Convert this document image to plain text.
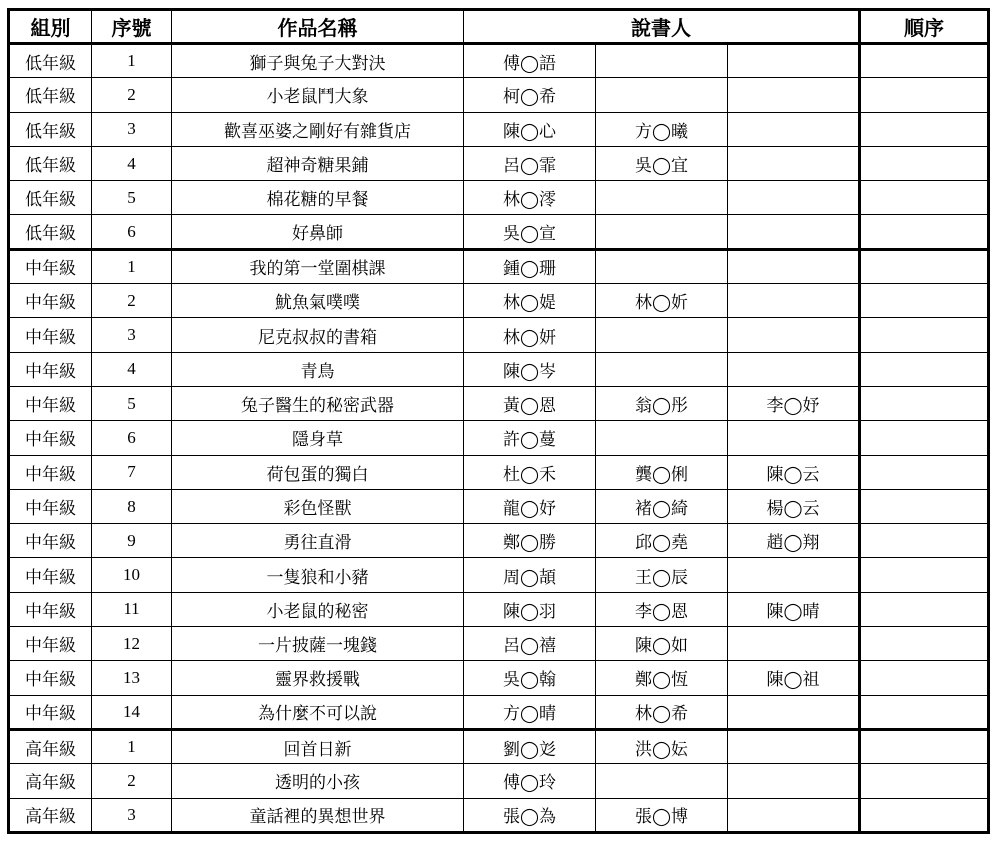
組別	序號	作品名稱	說書人			順序
低年級	1	獅子與兔子大對決	傅◯語			
低年級	2	小老鼠鬥大象	柯◯希			
低年級	3	歡喜巫婆之剛好有雜貨店	陳◯心	方◯曦		
低年級	4	超神奇糖果鋪	呂◯霏	吳◯宜		
低年級	5	棉花糖的早餐	林◯澪			
低年級	6	好鼻師	吳◯宣			
中年級	1	我的第一堂圍棋課	鍾◯珊			
中年級	2	魷魚氣噗噗	林◯媞	林◯妡		
中年級	3	尼克叔叔的書箱	林◯妍			
中年級	4	青鳥	陳◯岑			
中年級	5	兔子醫生的秘密武器	黃◯恩	翁◯彤	李◯妤	
中年級	6	隱身草	許◯蔓			
中年級	7	荷包蛋的獨白	杜◯禾	龔◯俐	陳◯云	
中年級	8	彩色怪獸	龍◯妤	褚◯綺	楊◯云	
中年級	9	勇往直滑	鄭◯勝	邱◯堯	趙◯翔	
中年級	10	一隻狼和小豬	周◯頡	王◯辰		
中年級	11	小老鼠的秘密	陳◯羽	李◯恩	陳◯晴	
中年級	12	一片披薩一塊錢	呂◯禧	陳◯如		
中年級	13	靈界救援戰	吳◯翰	鄭◯恆	陳◯祖	
中年級	14	為什麼不可以說	方◯晴	林◯希		
高年級	1	回首日新	劉◯彣	洪◯妘		
高年級	2	透明的小孩	傅◯玲			
高年級	3	童話裡的異想世界	張◯為	張◯博		
